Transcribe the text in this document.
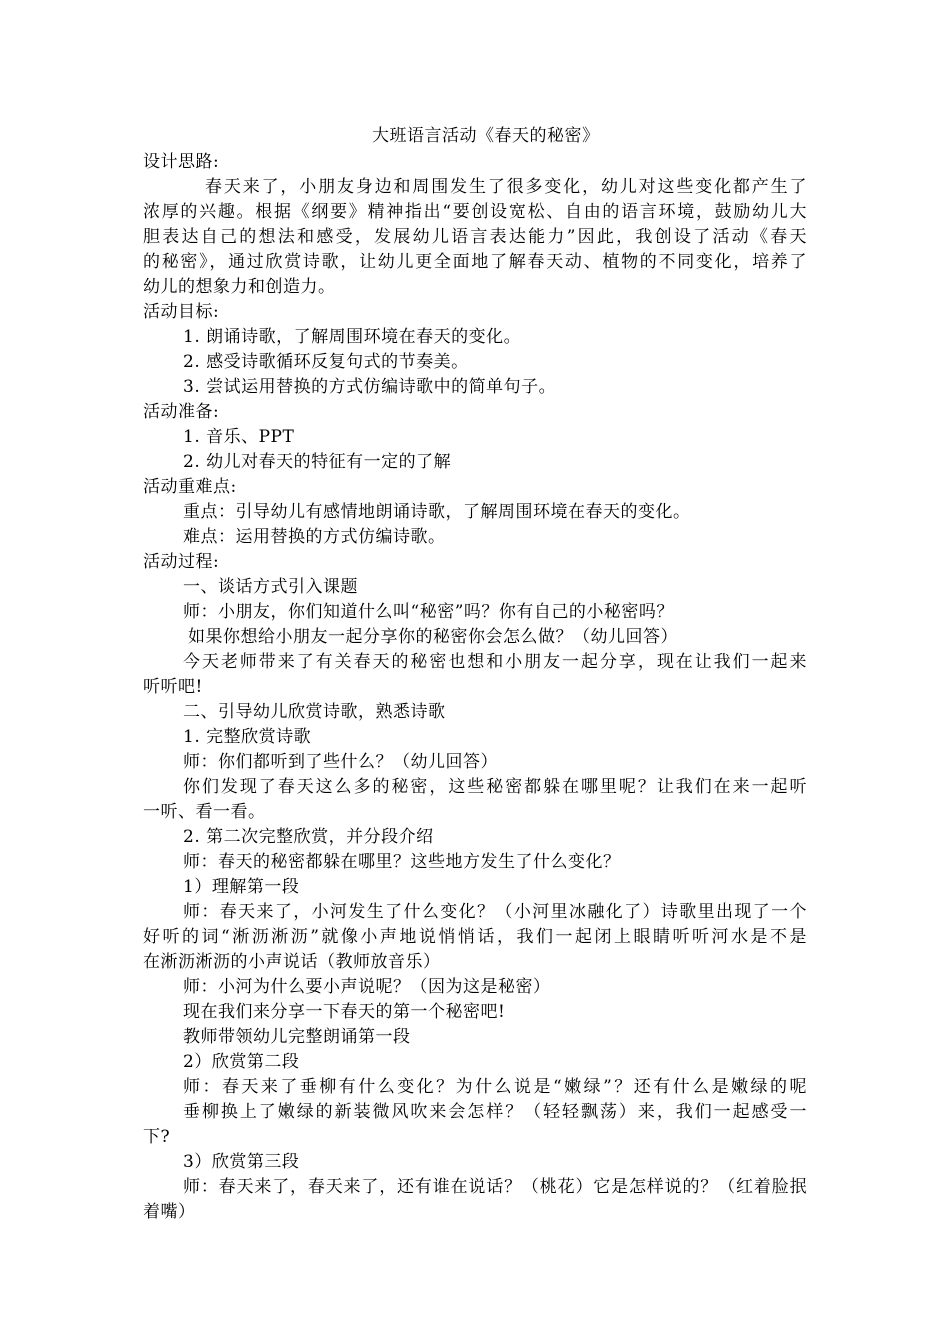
大班语言活动《春天的秘密》
设计思路:
春天来了，小朋友身边和周围发生了很多变化，幼儿对这些变化都产生了
浓厚的兴趣。根据《纲要》精神指出“要创设宽松、自由的语言环境，鼓励幼儿大
胆表达自己的想法和感受，发展幼儿语言表达能力”因此，我创设了活动《春天
的秘密》，通过欣赏诗歌，让幼儿更全面地了解春天动、植物的不同变化，培养了
幼儿的想象力和创造力。
活动目标:
1. 朗诵诗歌，了解周围环境在春天的变化。
2. 感受诗歌循环反复句式的节奏美。
3. 尝试运用替换的方式仿编诗歌中的简单句子。
活动准备:
1. 音乐、PPT
2. 幼儿对春天的特征有一定的了解
活动重难点:
重点：引导幼儿有感情地朗诵诗歌，了解周围环境在春天的变化。
难点：运用替换的方式仿编诗歌。
活动过程:
一、谈话方式引入课题
师：小朋友，你们知道什么叫“秘密”吗？你有自己的小秘密吗？
如果你想给小朋友一起分享你的秘密你会怎么做？（幼儿回答）
今天老师带来了有关春天的秘密也想和小朋友一起分享，现在让我们一起来
听听吧!
二、引导幼儿欣赏诗歌，熟悉诗歌
1. 完整欣赏诗歌
师：你们都听到了些什么？（幼儿回答）
你们发现了春天这么多的秘密，这些秘密都躲在哪里呢？让我们在来一起听
一听、看一看。
2. 第二次完整欣赏，并分段介绍
师：春天的秘密都躲在哪里？这些地方发生了什么变化？
1）理解第一段
师：春天来了，小河发生了什么变化？（小河里冰融化了）诗歌里出现了一个
好听的词“淅沥淅沥”就像小声地说悄悄话，我们一起闭上眼睛听听河水是不是
在淅沥淅沥的小声说话（教师放音乐）
师：小河为什么要小声说呢？（因为这是秘密）
现在我们来分享一下春天的第一个秘密吧!
教师带领幼儿完整朗诵第一段
2）欣赏第二段
师：春天来了垂柳有什么变化？为什么说是“嫩绿”？还有什么是嫩绿的呢
垂柳换上了嫩绿的新装微风吹来会怎样？（轻轻飘荡）来，我们一起感受一
下?
3）欣赏第三段
师：春天来了，春天来了，还有谁在说话？（桃花）它是怎样说的？（红着脸抿
着嘴）
